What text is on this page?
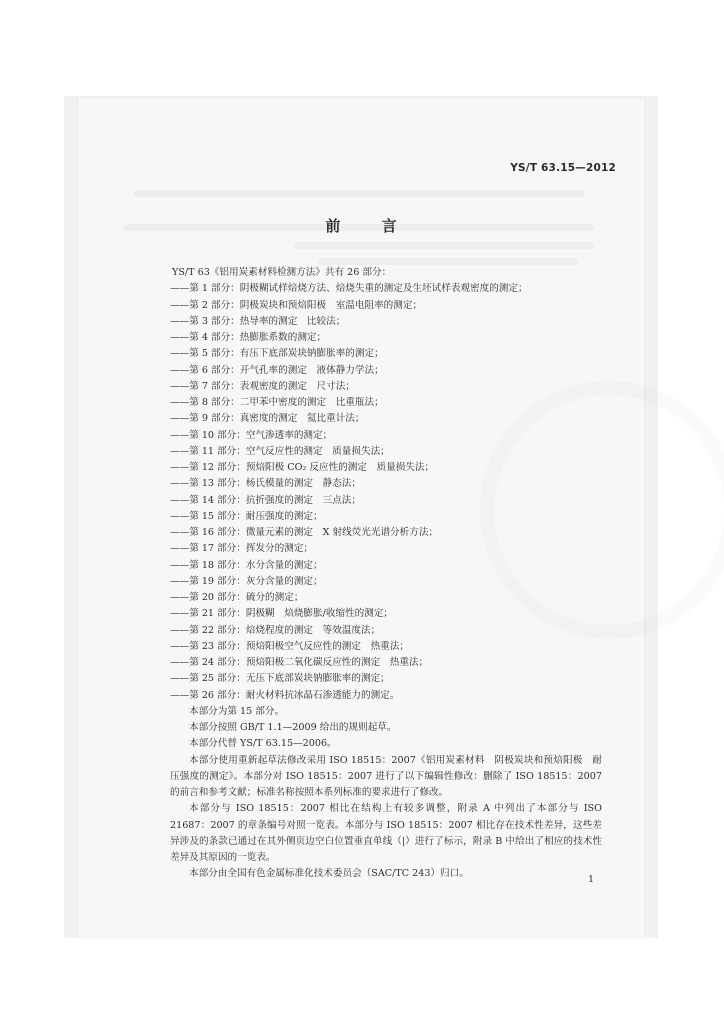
YS/T 63.15—2012
前 言
YS/T 63《铝用炭素材料检测方法》共有 26 部分：
——第 1 部分：阴极糊试样焙烧方法、焙烧失重的测定及生坯试样表观密度的测定；
——第 2 部分：阴极炭块和预焙阳极　室温电阻率的测定；
——第 3 部分：热导率的测定　比较法；
——第 4 部分：热膨胀系数的测定；
——第 5 部分：有压下底部炭块钠膨胀率的测定；
——第 6 部分：开气孔率的测定　液体静力学法；
——第 7 部分：表观密度的测定　尺寸法；
——第 8 部分：二甲苯中密度的测定　比重瓶法；
——第 9 部分：真密度的测定　氦比重计法；
——第 10 部分：空气渗透率的测定；
——第 11 部分：空气反应性的测定　质量损失法；
——第 12 部分：预焙阳极 CO₂ 反应性的测定　质量损失法；
——第 13 部分：杨氏模量的测定　静态法；
——第 14 部分：抗折强度的测定　三点法；
——第 15 部分：耐压强度的测定；
——第 16 部分：微量元素的测定　X 射线荧光光谱分析方法；
——第 17 部分：挥发分的测定；
——第 18 部分：水分含量的测定；
——第 19 部分：灰分含量的测定；
——第 20 部分：硫分的测定；
——第 21 部分：阴极糊　焙烧膨胀/收缩性的测定；
——第 22 部分：焙烧程度的测定　等效温度法；
——第 23 部分：预焙阳极空气反应性的测定　热重法；
——第 24 部分：预焙阳极二氧化碳反应性的测定　热重法；
——第 25 部分：无压下底部炭块钠膨胀率的测定；
——第 26 部分：耐火材料抗冰晶石渗透能力的测定。

本部分为第 15 部分。

本部分按照 GB/T 1.1—2009 给出的规则起草。

本部分代替 YS/T 63.15—2006。

本部分使用重新起草法修改采用 ISO 18515：2007《铝用炭素材料　阴极炭块和预焙阳极　耐压强度的测定》。本部分对 ISO 18515：2007 进行了以下编辑性修改：删除了 ISO 18515：2007 的前言和参考文献；标准名称按照本系列标准的要求进行了修改。

本部分与 ISO 18515：2007 相比在结构上有较多调整，附录 A 中列出了本部分与 ISO 21687：2007 的章条编号对照一览表。本部分与 ISO 18515：2007 相比存在技术性差异，这些差异涉及的条款已通过在其外侧页边空白位置垂直单线（|）进行了标示，附录 B 中给出了相应的技术性差异及其原因的一览表。

本部分由全国有色金属标准化技术委员会（SAC/TC 243）归口。

1
